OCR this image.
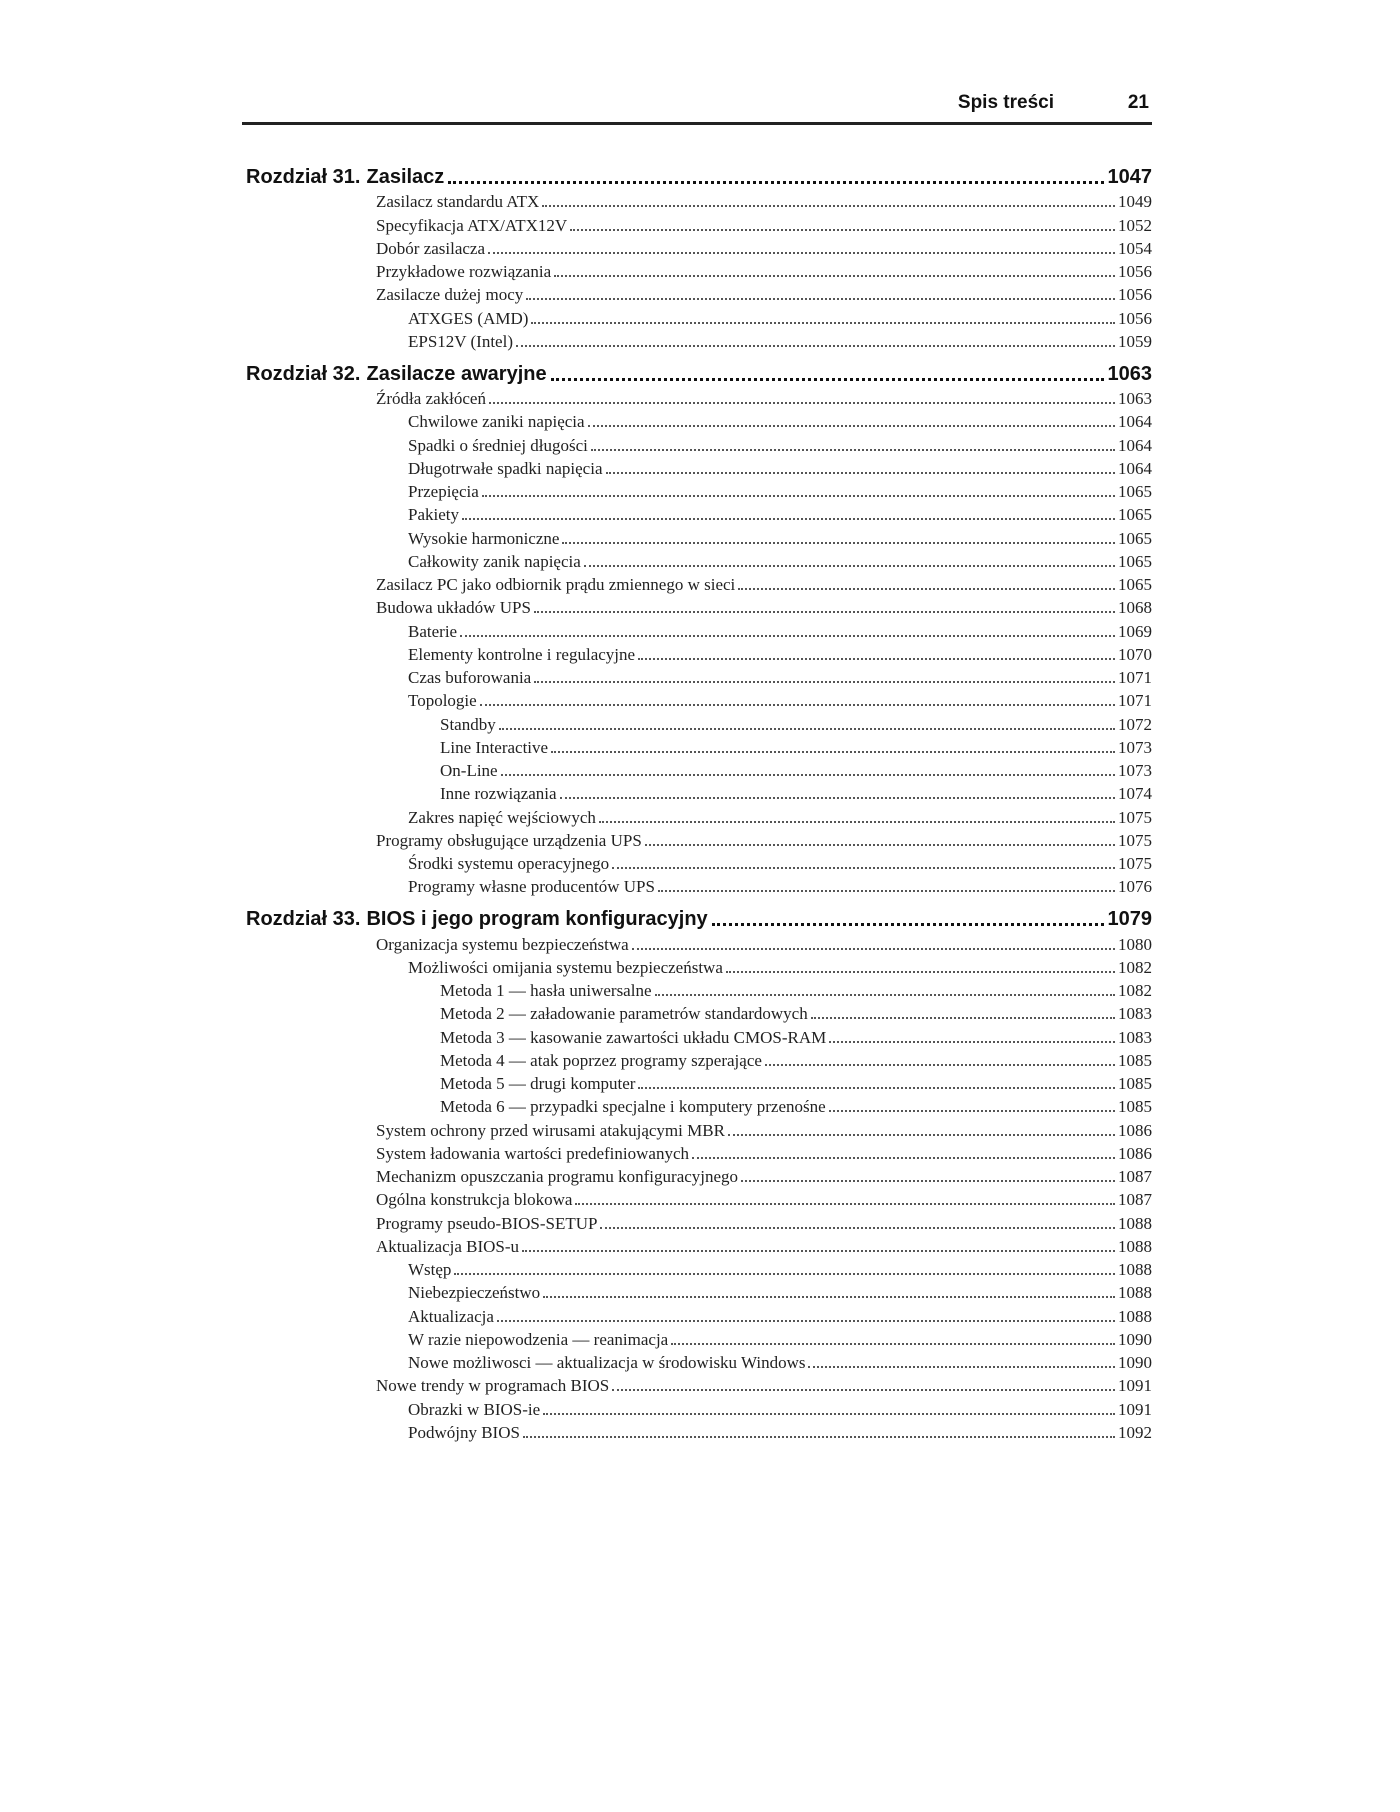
Spis treści	21
Rozdział 31. Zasilacz	1047
Zasilacz standardu ATX	1049
Specyfikacja ATX/ATX12V	1052
Dobór zasilacza	1054
Przykładowe rozwiązania	1056
Zasilacze dużej mocy	1056
ATXGES (AMD)	1056
EPS12V (Intel)	1059
Rozdział 32. Zasilacze awaryjne	1063
Źródła zakłóceń	1063
Chwilowe zaniki napięcia	1064
Spadki o średniej długości	1064
Długotrwałe spadki napięcia	1064
Przepięcia	1065
Pakiety	1065
Wysokie harmoniczne	1065
Całkowity zanik napięcia	1065
Zasilacz PC jako odbiornik prądu zmiennego w sieci	1065
Budowa układów UPS	1068
Baterie	1069
Elementy kontrolne i regulacyjne	1070
Czas buforowania	1071
Topologie	1071
Standby	1072
Line Interactive	1073
On-Line	1073
Inne rozwiązania	1074
Zakres napięć wejściowych	1075
Programy obsługujące urządzenia UPS	1075
Środki systemu operacyjnego	1075
Programy własne producentów UPS	1076
Rozdział 33. BIOS i jego program konfiguracyjny	1079
Organizacja systemu bezpieczeństwa	1080
Możliwości omijania systemu bezpieczeństwa	1082
Metoda 1 — hasła uniwersalne	1082
Metoda 2 — załadowanie parametrów standardowych	1083
Metoda 3 — kasowanie zawartości układu CMOS-RAM	1083
Metoda 4 — atak poprzez programy szperające	1085
Metoda 5 — drugi komputer	1085
Metoda 6 — przypadki specjalne i komputery przenośne	1085
System ochrony przed wirusami atakującymi MBR	1086
System ładowania wartości predefiniowanych	1086
Mechanizm opuszczania programu konfiguracyjnego	1087
Ogólna konstrukcja blokowa	1087
Programy pseudo-BIOS-SETUP	1088
Aktualizacja BIOS-u	1088
Wstęp	1088
Niebezpieczeństwo	1088
Aktualizacja	1088
W razie niepowodzenia — reanimacja	1090
Nowe możliwosci — aktualizacja w środowisku Windows	1090
Nowe trendy w programach BIOS	1091
Obrazki w BIOS-ie	1091
Podwójny BIOS	1092
